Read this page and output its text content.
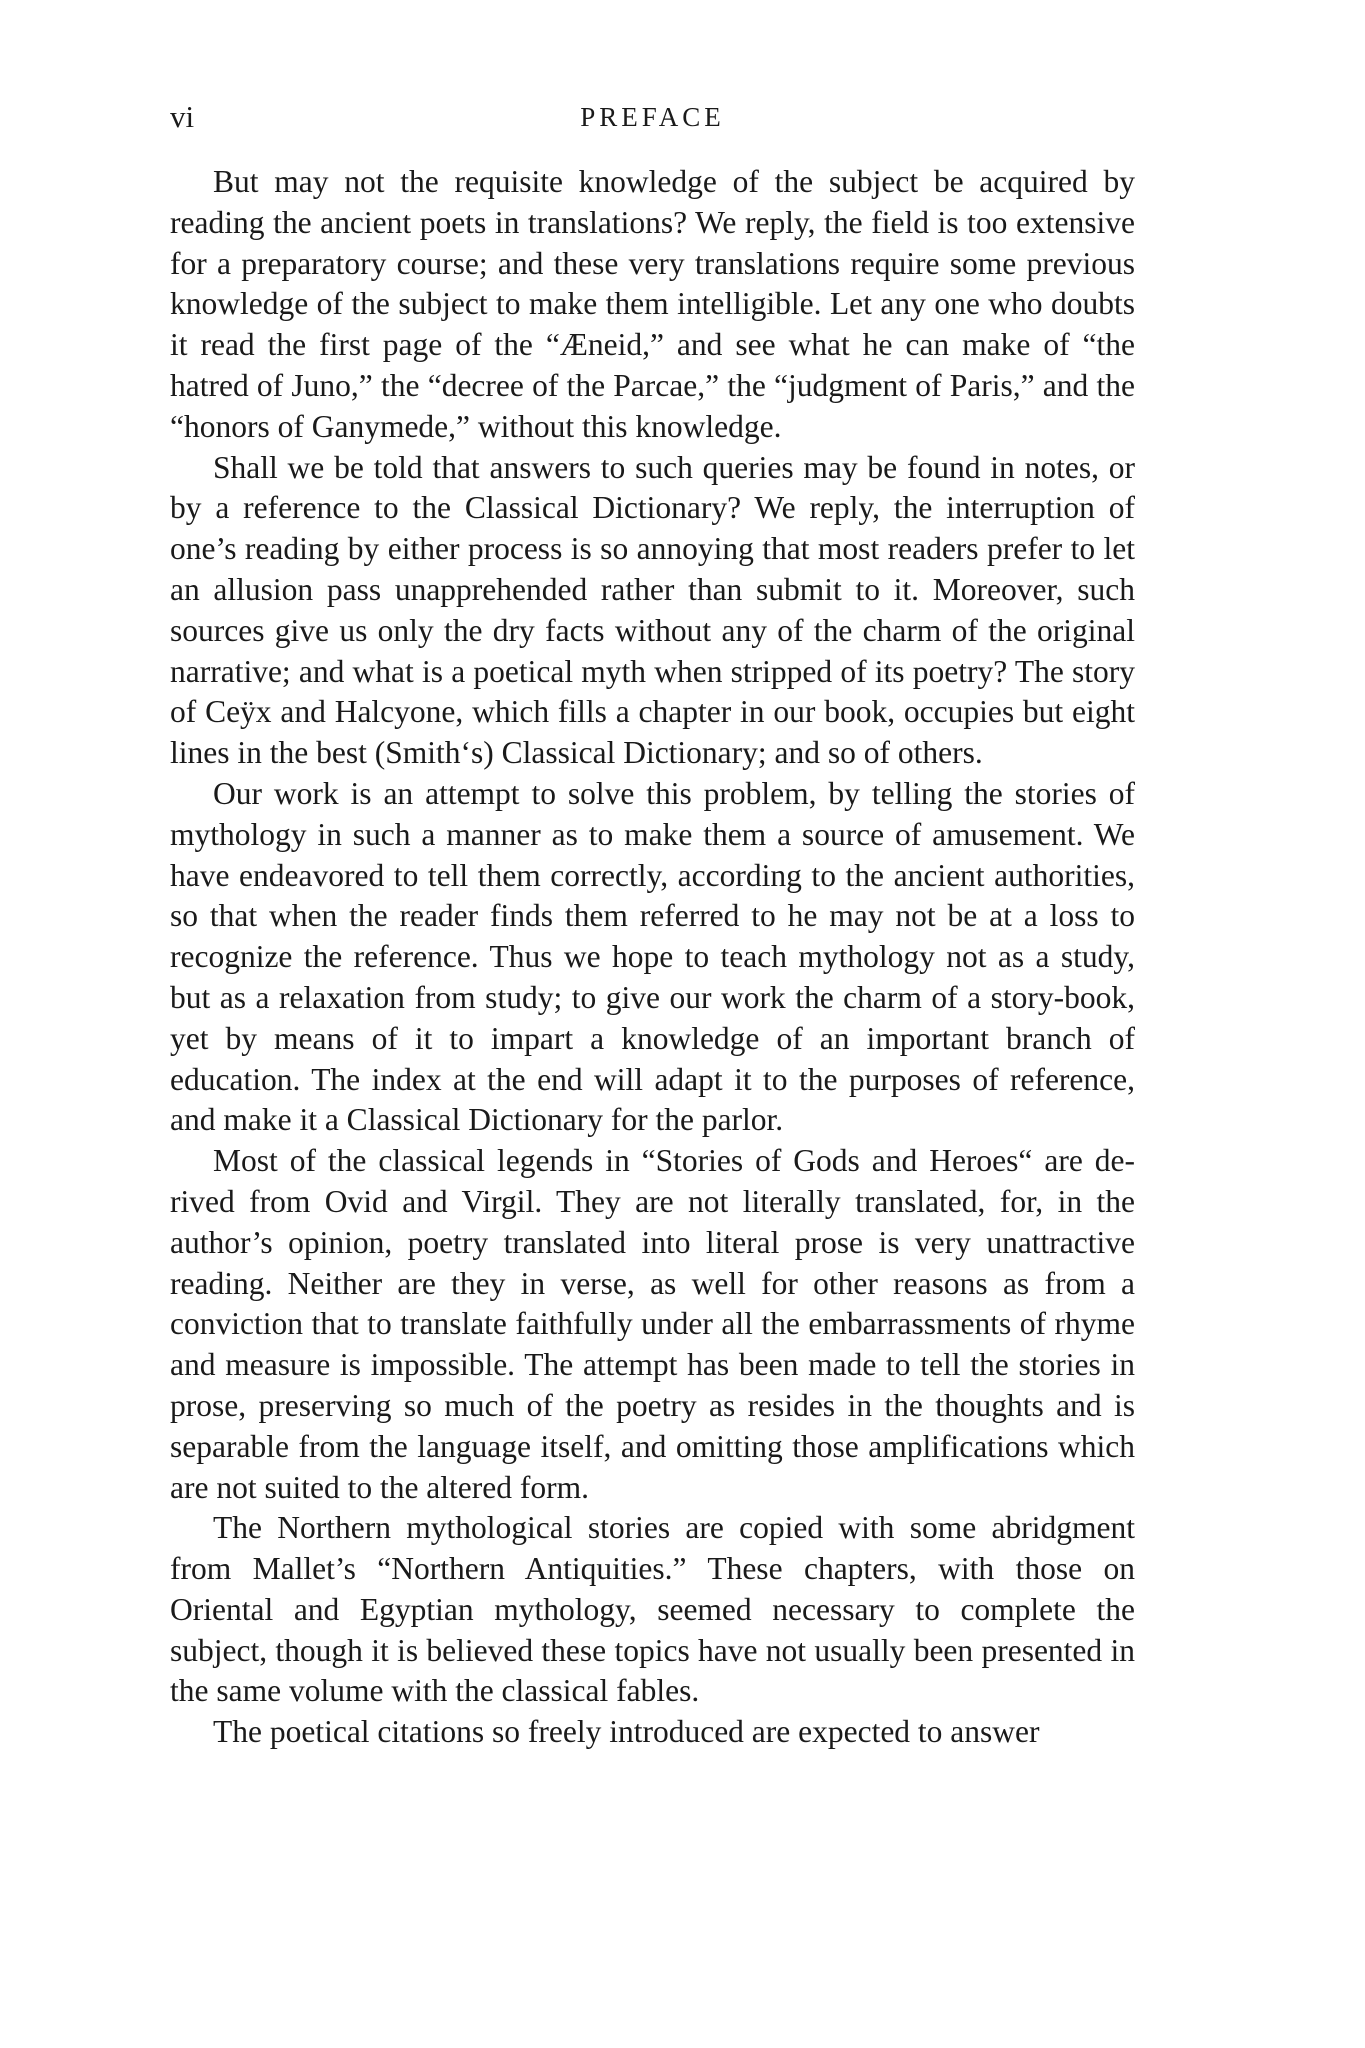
vi	PREFACE

But may not the requisite knowledge of the subject be acquired by reading the ancient poets in translations? We reply, the field is too extensive for a preparatory course; and these very translations require some previous knowledge of the subject to make them intelligible. Let any one who doubts it read the first page of the “Æneid,” and see what he can make of “the hatred of Juno,” the “decree of the Parcae,” the “judgment of Paris,” and the “honors of Ganymede,” without this knowledge.

Shall we be told that answers to such queries may be found in notes, or by a reference to the Classical Dictionary? We reply, the interruption of one’s reading by either process is so annoying that most readers prefer to let an allusion pass unapprehended rather than submit to it. Moreover, such sources give us only the dry facts without any of the charm of the original narrative; and what is a poetical myth when stripped of its poetry? The story of Ceÿx and Halcyone, which fills a chapter in our book, occupies but eight lines in the best (Smith‘s) Classical Dictionary; and so of others.

Our work is an attempt to solve this problem, by telling the stories of mythology in such a manner as to make them a source of amusement. We have endeavored to tell them correctly, according to the ancient authorities, so that when the reader finds them referred to he may not be at a loss to recognize the reference. Thus we hope to teach mythology not as a study, but as a relaxation from study; to give our work the charm of a story-book, yet by means of it to impart a knowledge of an important branch of education. The index at the end will adapt it to the purposes of reference, and make it a Classical Dictionary for the parlor.

Most of the classical legends in “Stories of Gods and Heroes“ are derived from Ovid and Virgil. They are not literally translated, for, in the author’s opinion, poetry translated into literal prose is very unattractive reading. Neither are they in verse, as well for other reasons as from a conviction that to translate faithfully under all the embarrassments of rhyme and measure is impossible. The attempt has been made to tell the stories in prose, preserving so much of the poetry as resides in the thoughts and is separable from the language itself, and omitting those amplifications which are not suited to the altered form.

The Northern mythological stories are copied with some abridgment from Mallet’s “Northern Antiquities.” These chapters, with those on Oriental and Egyptian mythology, seemed necessary to complete the subject, though it is believed these topics have not usually been presented in the same volume with the classical fables.

The poetical citations so freely introduced are expected to answer
